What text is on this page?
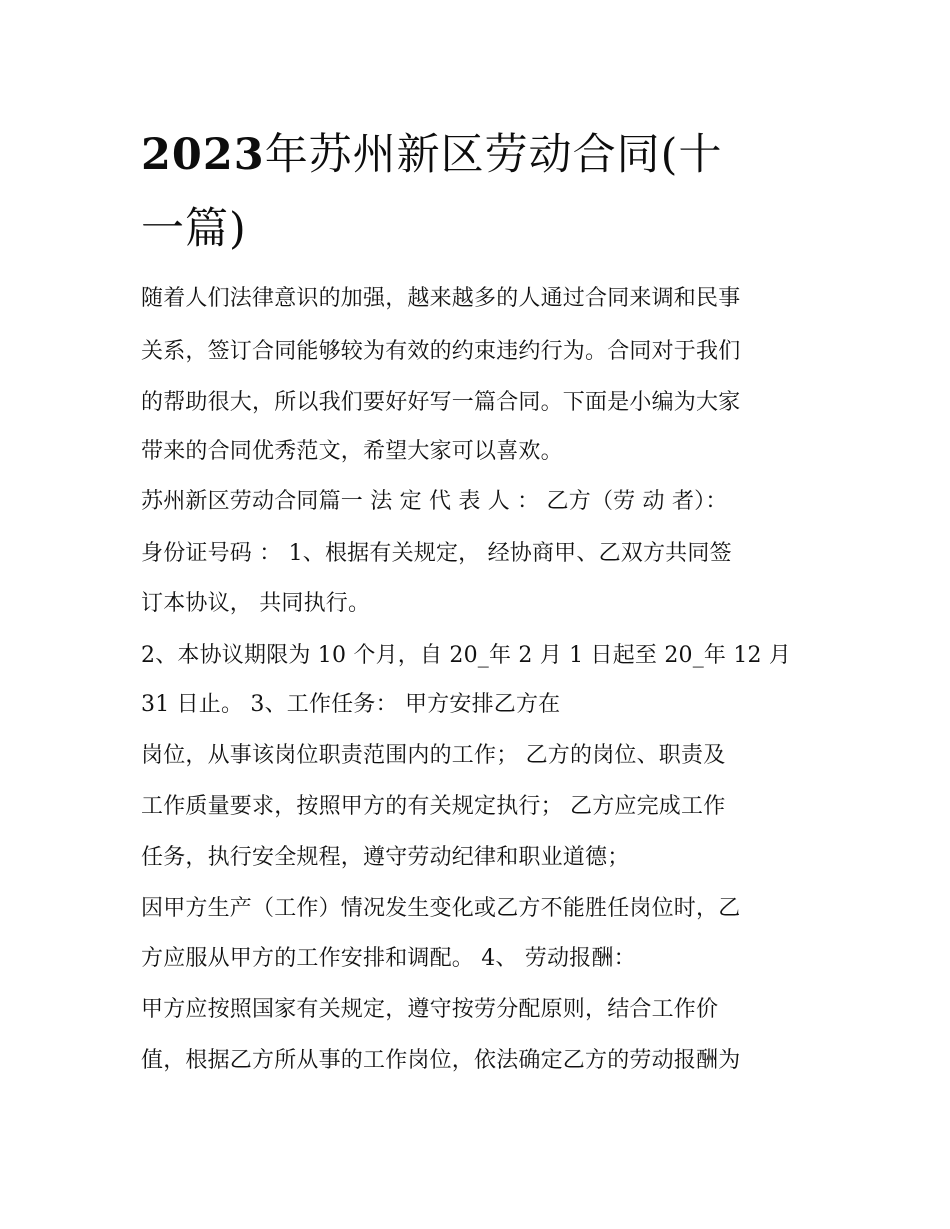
2023年苏州新区劳动合同(十
一篇)

随着人们法律意识的加强，越来越多的人通过合同来调和民事

关系，签订合同能够较为有效的约束违约行为。合同对于我们

的帮助很大，所以我们要好好写一篇合同。下面是小编为大家

带来的合同优秀范文，希望大家可以喜欢。

苏州新区劳动合同篇一 法 定 代 表 人 ： 乙方（劳 动 者）：

身份证号码 ： 1、根据有关规定， 经协商甲、乙双方共同签

订本协议， 共同执行。

2、本协议期限为 10 个月，自 20_年 2 月 1 日起至 20_年 12 月

31 日止。 3、工作任务： 甲方安排乙方在

岗位，从事该岗位职责范围内的工作； 乙方的岗位、职责及

工作质量要求，按照甲方的有关规定执行； 乙方应完成工作

任务，执行安全规程，遵守劳动纪律和职业道德；

因甲方生产（工作）情况发生变化或乙方不能胜任岗位时，乙

方应服从甲方的工作安排和调配。 4、 劳动报酬：

甲方应按照国家有关规定，遵守按劳分配原则，结合工作价

值，根据乙方所从事的工作岗位，依法确定乙方的劳动报酬为
